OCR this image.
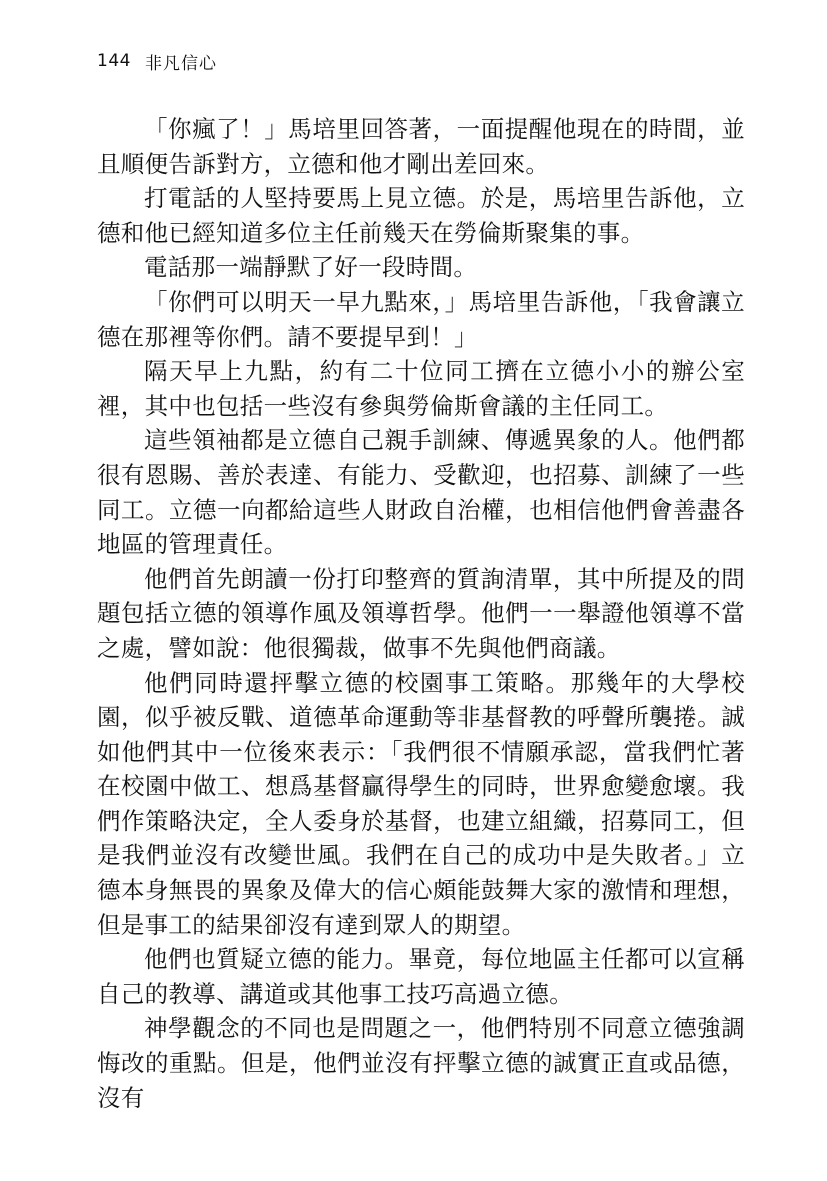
144 非凡信心

「你瘋了！」馬培里回答著，一面提醒他現在的時間，並且順便告訴對方，立德和他才剛出差回來。

打電話的人堅持要馬上見立德。於是，馬培里告訴他，立德和他已經知道多位主任前幾天在勞倫斯聚集的事。

電話那一端靜默了好一段時間。

「你們可以明天一早九點來，」馬培里告訴他，「我會讓立德在那裡等你們。請不要提早到！」

隔天早上九點，約有二十位同工擠在立德小小的辦公室裡，其中也包括一些沒有參與勞倫斯會議的主任同工。

這些領袖都是立德自己親手訓練、傳遞異象的人。他們都很有恩賜、善於表達、有能力、受歡迎，也招募、訓練了一些同工。立德一向都給這些人財政自治權，也相信他們會善盡各地區的管理責任。

他們首先朗讀一份打印整齊的質詢清單，其中所提及的問題包括立德的領導作風及領導哲學。他們一一舉證他領導不當之處，譬如說：他很獨裁，做事不先與他們商議。

他們同時還抨擊立德的校園事工策略。那幾年的大學校園，似乎被反戰、道德革命運動等非基督教的呼聲所襲捲。誠如他們其中一位後來表示：「我們很不情願承認，當我們忙著在校園中做工、想爲基督贏得學生的同時，世界愈變愈壞。我們作策略決定，全人委身於基督，也建立組織，招募同工，但是我們並沒有改變世風。我們在自己的成功中是失敗者。」立德本身無畏的異象及偉大的信心頗能鼓舞大家的激情和理想，但是事工的結果卻沒有達到眾人的期望。

他們也質疑立德的能力。畢竟，每位地區主任都可以宣稱自己的教導、講道或其他事工技巧高過立德。

神學觀念的不同也是問題之一，他們特別不同意立德強調悔改的重點。但是，他們並沒有抨擊立德的誠實正直或品德，沒有
